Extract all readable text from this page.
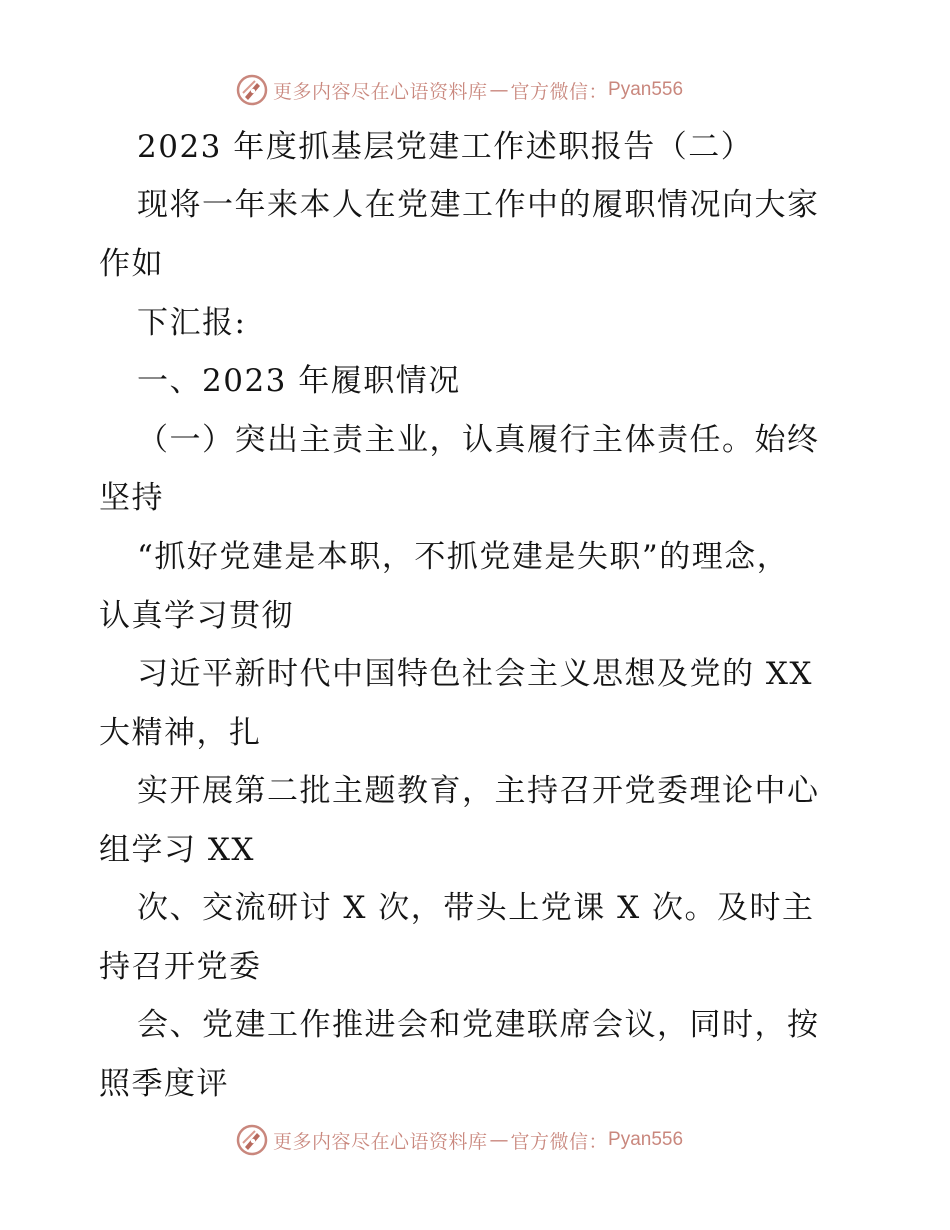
更多内容尽在心语资料库 — 官方微信： Pyan556
2023 年度抓基层党建工作述职报告（二）
现将一年来本人在党建工作中的履职情况向大家
作如
下汇报:
一、2023 年履职情况
（一）突出主责主业，认真履行主体责任。始终
坚持
“抓好党建是本职，不抓党建是失职”的理念，
认真学习贯彻
习近平新时代中国特色社会主义思想及党的 XX
大精神，扎
实开展第二批主题教育，主持召开党委理论中心
组学习 XX
次、交流研讨 X 次，带头上党课 X 次。及时主
持召开党委
会、党建工作推进会和党建联席会议，同时，按
照季度评
更多内容尽在心语资料库 — 官方微信： Pyan556
